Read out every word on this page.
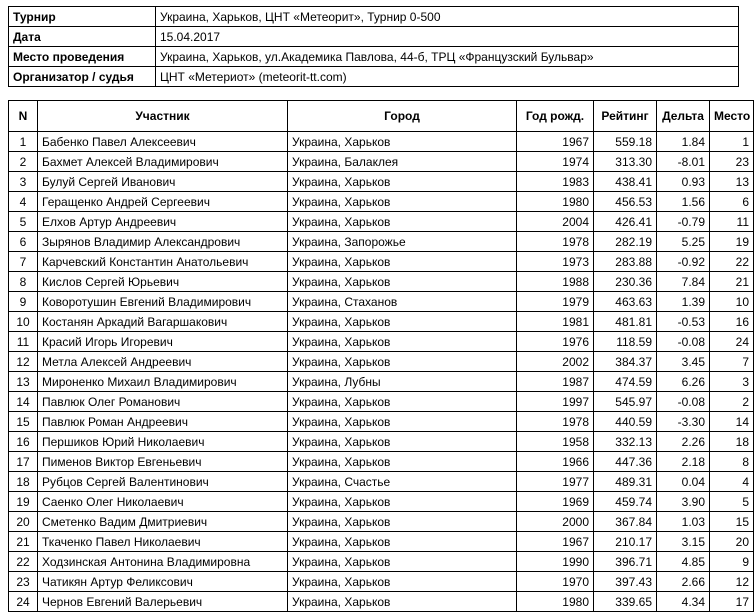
Турнир	Украина, Харьков, ЦНТ «Метеорит», Турнир 0-500
Дата	15.04.2017
Место проведения	Украина, Харьков, ул.Академика Павлова, 44-б, ТРЦ «Французский Бульвар»
Организатор / судья	ЦНТ «Метериот» (meteorit-tt.com)
N	Участник	Город	Год рожд.	Рейтинг	Дельта	Место
1	Бабенко Павел Алексеевич	Украина, Харьков	1967	559.18	1.84	1
2	Бахмет Алексей Владимирович	Украина, Балаклея	1974	313.30	-8.01	23
3	Булуй Сергей Иванович	Украина, Харьков	1983	438.41	0.93	13
4	Геращенко Андрей Сергеевич	Украина, Харьков	1980	456.53	1.56	6
5	Елхов Артур Андреевич	Украина, Харьков	2004	426.41	-0.79	11
6	Зырянов Владимир Александрович	Украина, Запорожье	1978	282.19	5.25	19
7	Карчевский Константин Анатольевич	Украина, Харьков	1973	283.88	-0.92	22
8	Кислов Сергей Юрьевич	Украина, Харьков	1988	230.36	7.84	21
9	Коворотушин Евгений Владимирович	Украина, Стаханов	1979	463.63	1.39	10
10	Костанян Аркадий Вагаршакович	Украина, Харьков	1981	481.81	-0.53	16
11	Красий Игорь Игоревич	Украина, Харьков	1976	118.59	-0.08	24
12	Метла Алексей Андреевич	Украина, Харьков	2002	384.37	3.45	7
13	Мироненко Михаил Владимирович	Украина, Лубны	1987	474.59	6.26	3
14	Павлюк Олег Романович	Украина, Харьков	1997	545.97	-0.08	2
15	Павлюк Роман Андреевич	Украина, Харьков	1978	440.59	-3.30	14
16	Першиков Юрий Николаевич	Украина, Харьков	1958	332.13	2.26	18
17	Пименов Виктор Евгеньевич	Украина, Харьков	1966	447.36	2.18	8
18	Рубцов Сергей Валентинович	Украина, Счастье	1977	489.31	0.04	4
19	Саенко Олег Николаевич	Украина, Харьков	1969	459.74	3.90	5
20	Сметенко Вадим Дмитриевич	Украина, Харьков	2000	367.84	1.03	15
21	Ткаченко Павел Николаевич	Украина, Харьков	1967	210.17	3.15	20
22	Ходзинская Антонина Владимировна	Украина, Харьков	1990	396.71	4.85	9
23	Чатикян Артур Феликсович	Украина, Харьков	1970	397.43	2.66	12
24	Чернов Евгений Валерьевич	Украина, Харьков	1980	339.65	4.34	17
